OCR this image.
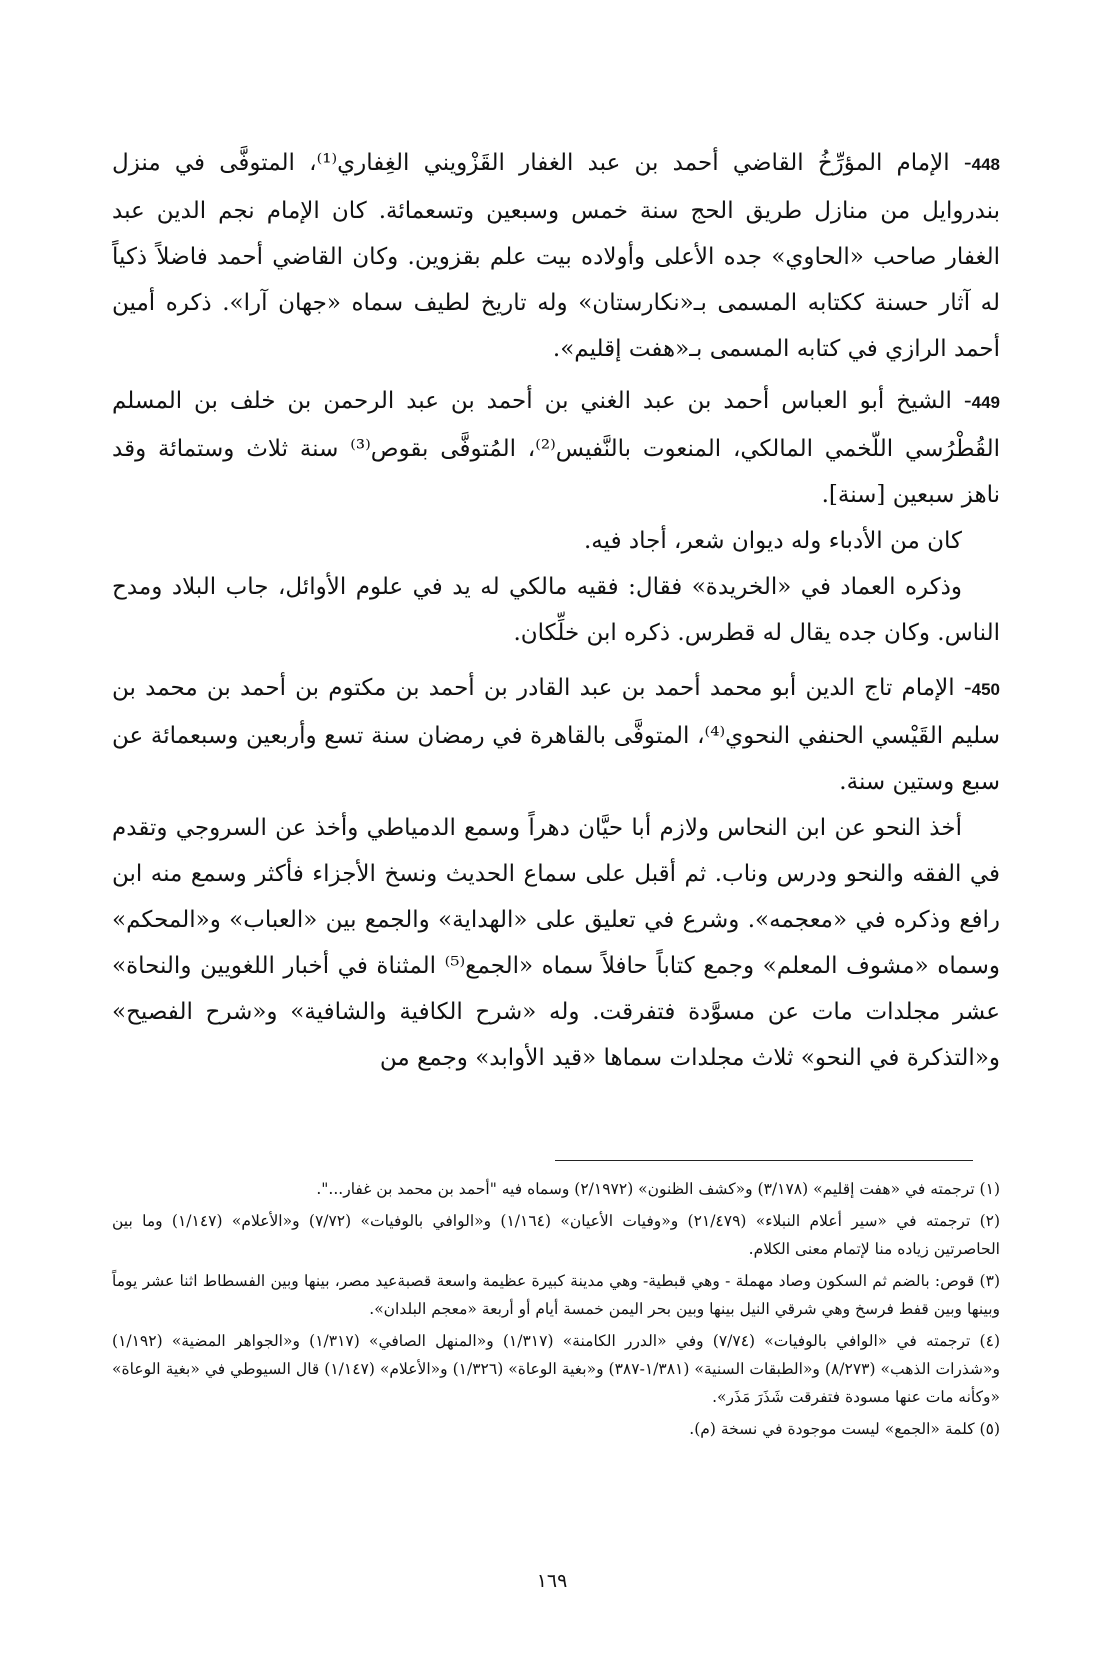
448- الإمام المؤرِّخُ القاضي أحمد بن عبد الغفار القَزْويني الغِفاري⁽¹⁾، المتوفَّى في منزل بندروايل من منازل طريق الحج سنة خمس وسبعين وتسعمائة. كان الإمام نجم الدين عبد الغفار صاحب «الحاوي» جده الأعلى وأولاده بيت علم بقزوين. وكان القاضي أحمد فاضلاً ذكياً له آثار حسنة ككتابه المسمى بـ«نكارستان» وله تاريخ لطيف سماه «جهان آرا». ذكره أمين أحمد الرازي في كتابه المسمى بـ«هفت إقليم».

449- الشيخ أبو العباس أحمد بن عبد الغني بن أحمد بن عبد الرحمن بن خلف بن المسلم القُطْرُسي اللّخمي المالكي، المنعوت بالنَّفيس⁽²⁾، المُتوفَّى بقوص⁽³⁾ سنة ثلاث وستمائة وقد ناهز سبعين [سنة].

كان من الأدباء وله ديوان شعر، أجاد فيه.

وذكره العماد في «الخريدة» فقال: فقيه مالكي له يد في علوم الأوائل، جاب البلاد ومدح الناس. وكان جده يقال له قطرس. ذكره ابن خلِّكان.

450- الإمام تاج الدين أبو محمد أحمد بن عبد القادر بن أحمد بن مكتوم بن أحمد بن محمد بن سليم القَيْسي الحنفي النحوي⁽⁴⁾، المتوفَّى بالقاهرة في رمضان سنة تسع وأربعين وسبعمائة عن سبع وستين سنة.

أخذ النحو عن ابن النحاس ولازم أبا حيَّان دهراً وسمع الدمياطي وأخذ عن السروجي وتقدم في الفقه والنحو ودرس وناب. ثم أقبل على سماع الحديث ونسخ الأجزاء فأكثر وسمع منه ابن رافع وذكره في «معجمه». وشرع في تعليق على «الهداية» والجمع بين «العباب» و«المحكم» وسماه «مشوف المعلم» وجمع كتاباً حافلاً سماه «الجمع⁽⁵⁾ المثناة في أخبار اللغويين والنحاة» عشر مجلدات مات عن مسوَّدة فتفرقت. وله «شرح الكافية والشافية» و«شرح الفصيح» و«التذكرة في النحو» ثلاث مجلدات سماها «قيد الأوابد» وجمع من

(١) ترجمته في «هفت إقليم» (٣/١٧٨) و«كشف الظنون» (٢/١٩٧٢) وسماه فيه "أحمد بن محمد بن غفار...".

(٢) ترجمته في «سير أعلام النبلاء» (٢١/٤٧٩) و«وفيات الأعيان» (١/١٦٤) و«الوافي بالوفيات» (٧/٧٢) و«الأعلام» (١/١٤٧) وما بين الحاصرتين زياده منا لإتمام معنى الكلام.

(٣) قوص: بالضم ثم السكون وصاد مهملة - وهي قبطية- وهي مدينة كبيرة عظيمة واسعة قصبةعيد مصر، بينها وبين الفسطاط اثنا عشر يوماً وبينها وبين قفط فرسخ وهي شرقي النيل بينها وبين بحر اليمن خمسة أيام أو أربعة «معجم البلدان».

(٤) ترجمته في «الوافي بالوفيات» (٧/٧٤) وفي «الدرر الكامنة» (١/٣١٧) و«المنهل الصافي» (١/٣١٧) و«الجواهر المضية» (١/١٩٢) و«شذرات الذهب» (٨/٢٧٣) و«الطبقات السنية» (١/٣٨١-٣٨٧) و«بغية الوعاة» (١/٣٢٦) و«الأعلام» (١/١٤٧) قال السيوطي في «بغية الوعاة» «وكأنه مات عنها مسودة فتفرقت شَذَرَ مَذَر».

(٥) كلمة «الجمع» ليست موجودة في نسخة (م).

١٦٩
